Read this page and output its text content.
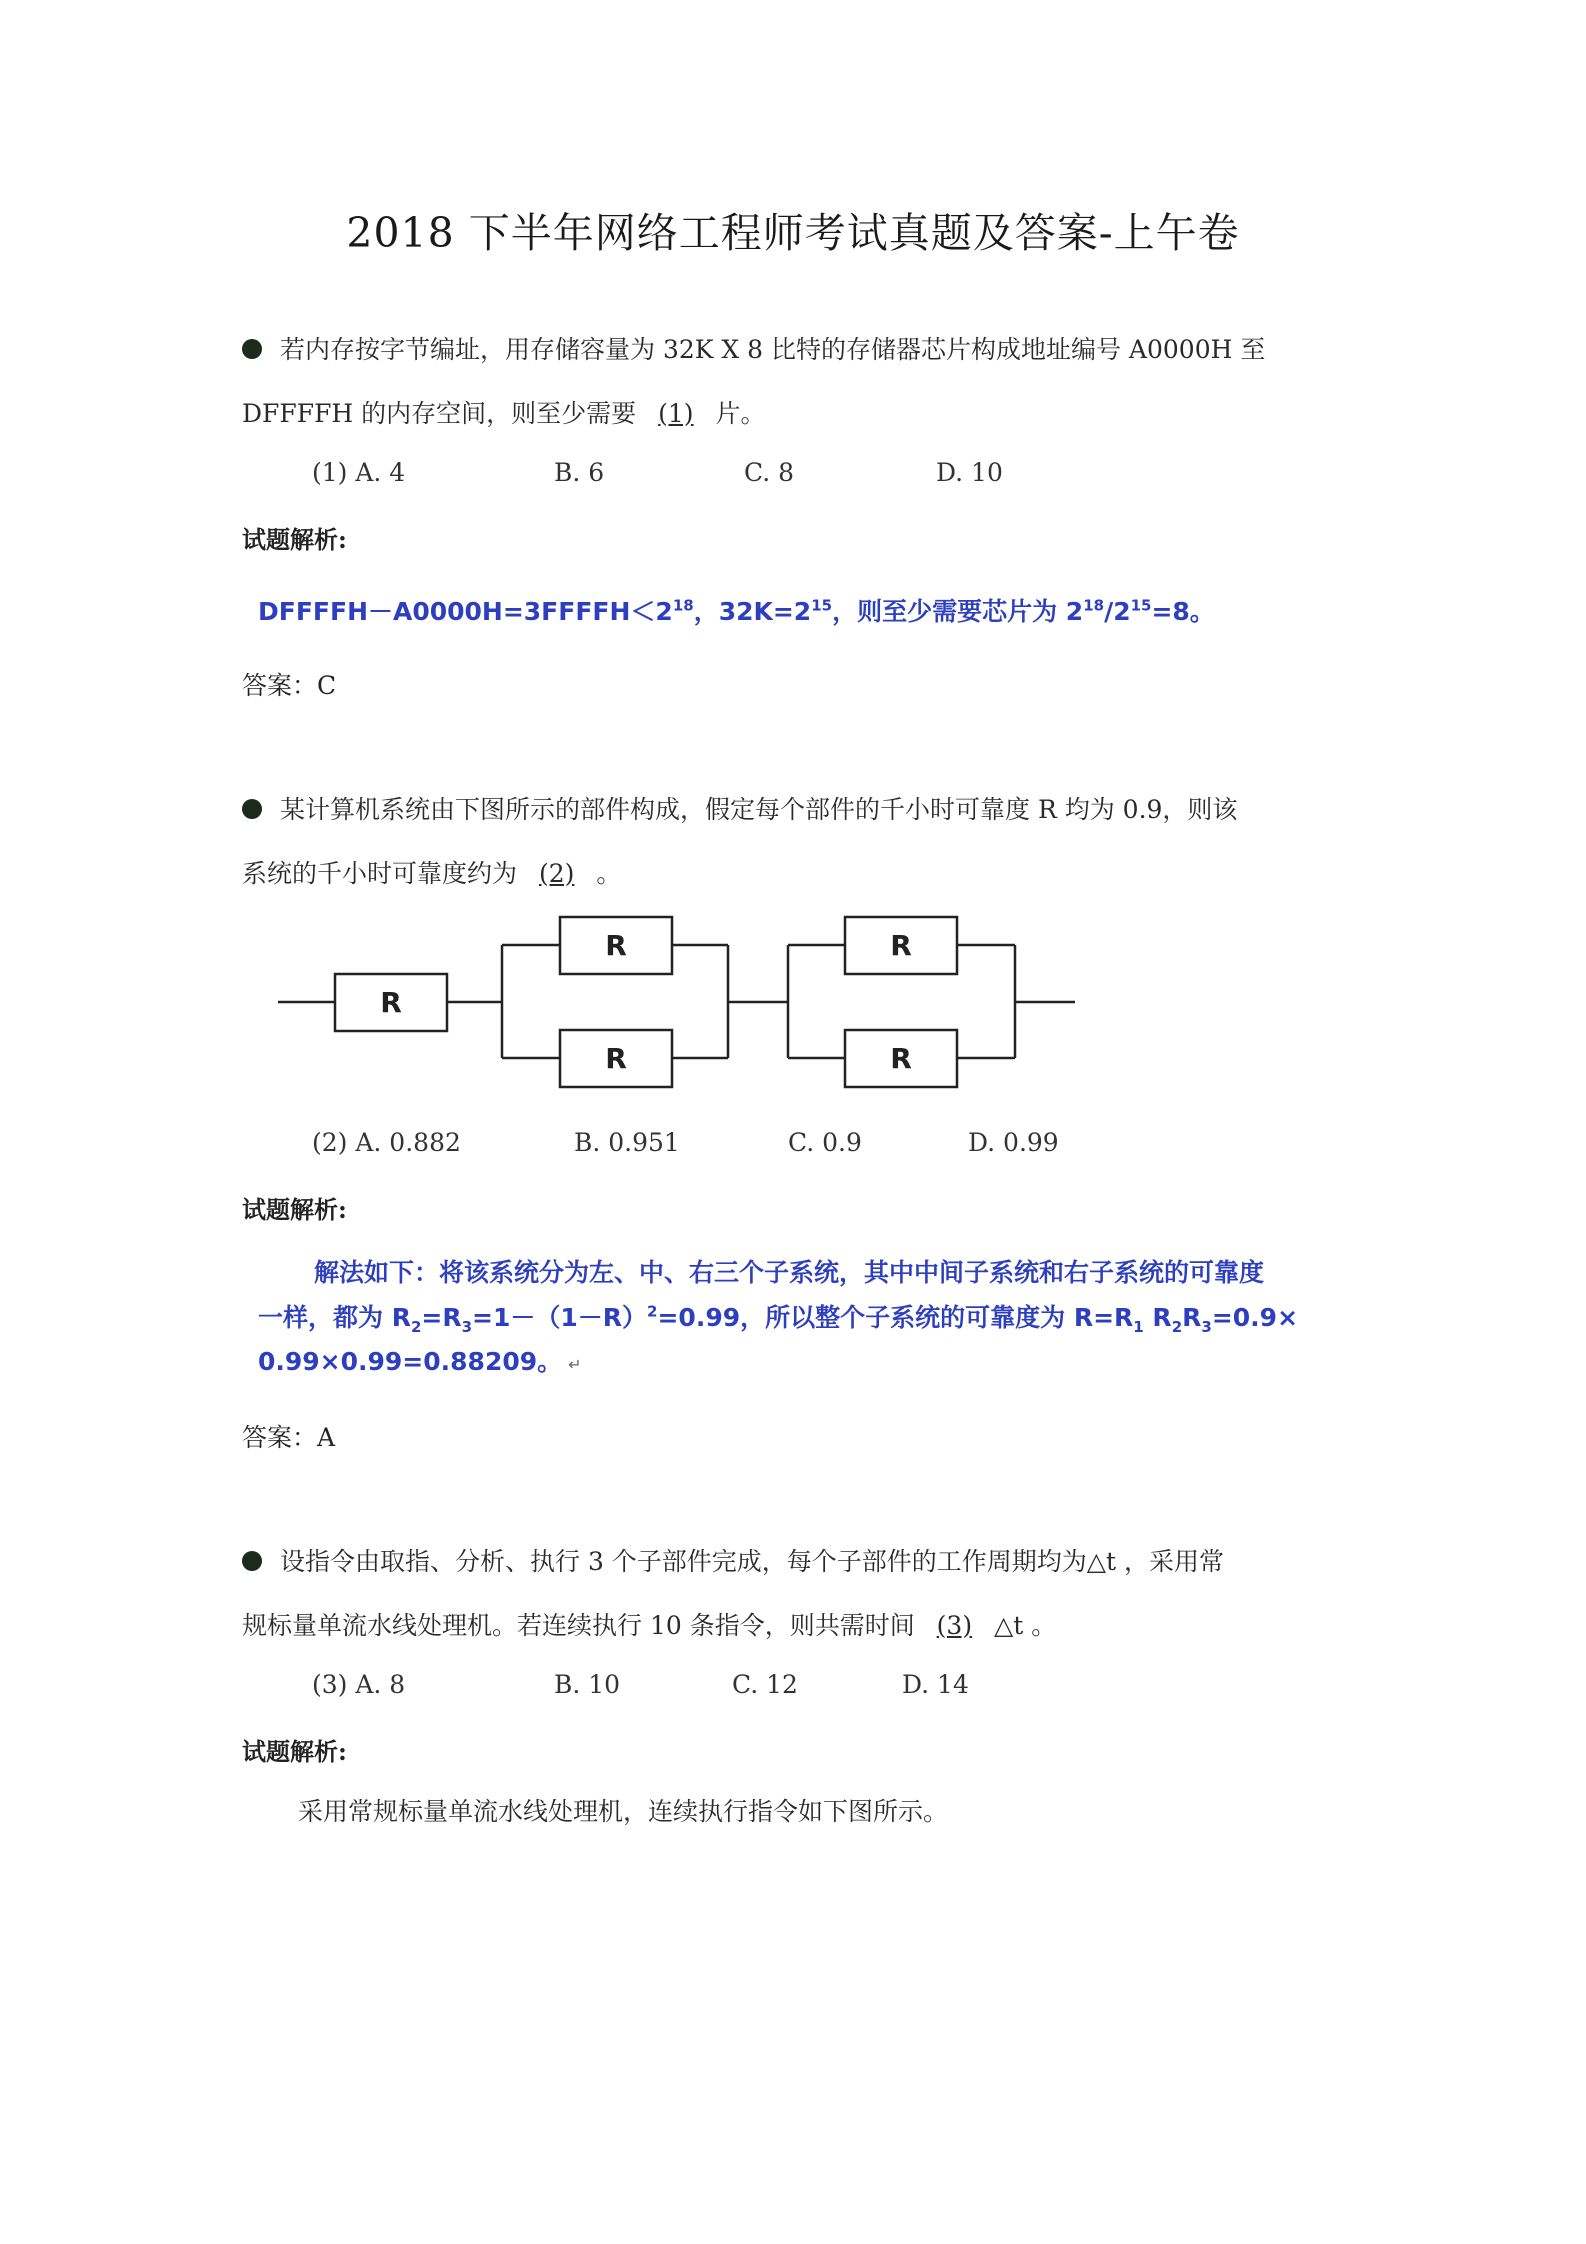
2018 下半年网络工程师考试真题及答案-上午卷
若内存按字节编址，用存储容量为 32K X 8 比特的存储器芯片构成地址编号 A0000H 至
DFFFFH 的内存空间，则至少需要 (1) 片。
(1) A. 4	B. 6	C. 8	D. 10
试题解析:
$DFFFFH-A0000H=3FFFFH<2^{18}$，$32K=2^{15}$，则至少需要芯片为 $2^{18}/2^{15}=8$。
答案：C
某计算机系统由下图所示的部件构成，假定每个部件的千小时可靠度 R 均为 0.9，则该
系统的千小时可靠度约为 (2) 。
R
R
R
R
R
(2) A. 0.882	B. 0.951	C. 0.9	D. 0.99
试题解析:
解法如下：将该系统分为左、中、右三个子系统，其中中间子系统和右子系统的可靠度
一样，都为 $R_2=R_3=1-(1-R)^2=0.99$，所以整个子系统的可靠度为 $R=R_1$ $R_2R_3=0.9\times$
0.99×0.99=0.88209。 ↵
答案：A
设指令由取指、分析、执行 3 个子部件完成，每个子部件的工作周期均为△t ，采用常
规标量单流水线处理机。若连续执行 10 条指令，则共需时间 (3) △t 。
(3) A. 8	B. 10	C. 12	D. 14
试题解析:
采用常规标量单流水线处理机，连续执行指令如下图所示。
